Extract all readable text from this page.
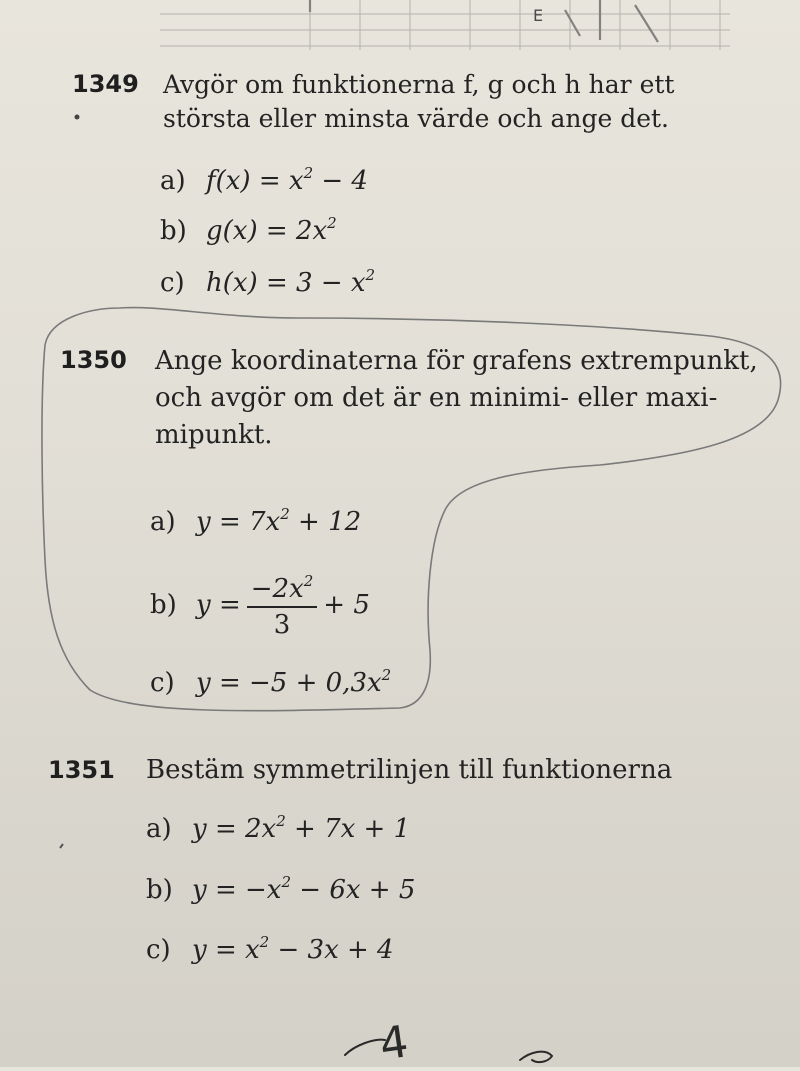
E
1349 Avgör om funktionerna f, g och h har ett
största eller minsta värde och ange det.
a) $f(x) = x^2 - 4$
b) $g(x) = 2x^2$
c) $h(x) = 3 - x^2$
1350 Ange koordinaterna för grafens extrempunkt,
och avgör om det är en minimi- eller maxi-
mipunkt.
a) $y = 7x^2 + 12$
b) $y = \frac{-2x^2}{3} + 5$
c) $y = -5 + 0,3x^2$
1351 Bestäm symmetrilinjen till funktionerna
a) $y = 2x^2 + 7x + 1$
b) $y = -x^2 - 6x + 5$
c) $y = x^2 - 3x + 4$
4
